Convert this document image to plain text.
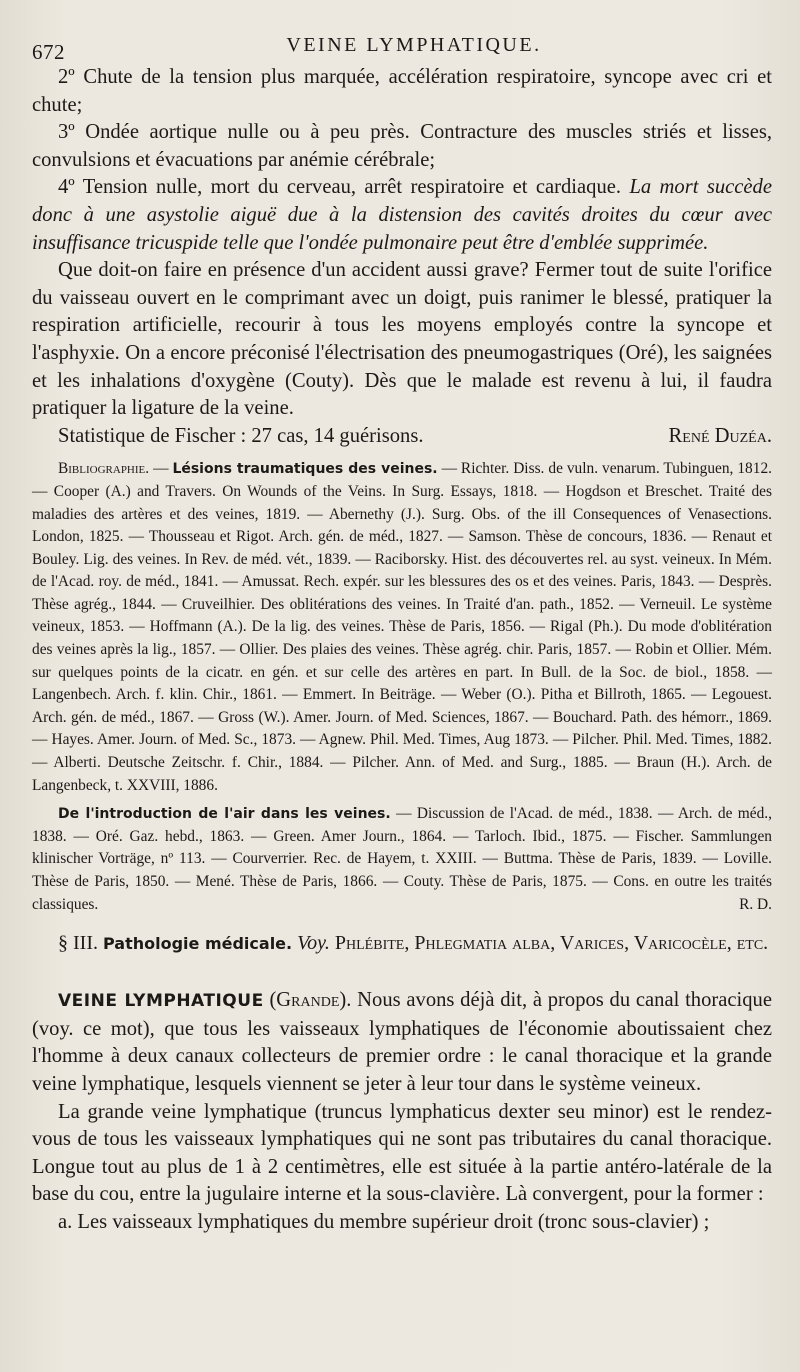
672	VEINE LYMPHATIQUE.

2º Chute de la tension plus marquée, accélération respiratoire, syncope avec cri et chute;

3º Ondée aortique nulle ou à peu près. Contracture des muscles striés et lisses, convulsions et évacuations par anémie cérébrale;

4º Tension nulle, mort du cerveau, arrêt respiratoire et cardiaque. La mort succède donc à une asystolie aiguë due à la distension des cavités droites du cœur avec insuffisance tricuspide telle que l'ondée pulmonaire peut être d'emblée supprimée.

Que doit-on faire en présence d'un accident aussi grave? Fermer tout de suite l'orifice du vaisseau ouvert en le comprimant avec un doigt, puis ranimer le blessé, pratiquer la respiration artificielle, recourir à tous les moyens employés contre la syncope et l'asphyxie. On a encore préconisé l'électrisation des pneumogastriques (Oré), les saignées et les inhalations d'oxygène (Couty). Dès que le malade est revenu à lui, il faudra pratiquer la ligature de la veine.

Statistique de Fischer : 27 cas, 14 guérisons.	René Duzéa.

Bibliographie. — Lésions traumatiques des veines. — Richter. Diss. de vuln. venarum. Tubinguen, 1812. — Cooper (A.) and Travers. On Wounds of the Veins. In Surg. Essays, 1818. — Hogdson et Breschet. Traité des maladies des artères et des veines, 1819. — Abernethy (J.). Surg. Obs. of the ill Consequences of Venasections. London, 1825. — Thousseau et Rigot. Arch. gén. de méd., 1827. — Samson. Thèse de concours, 1836. — Renaut et Bouley. Lig. des veines. In Rev. de méd. vét., 1839. — Raciborsky. Hist. des découvertes rel. au syst. veineux. In Mém. de l'Acad. roy. de méd., 1841. — Amussat. Rech. expér. sur les blessures des os et des veines. Paris, 1843. — Desprès. Thèse agrég., 1844. — Cruveilhier. Des oblitérations des veines. In Traité d'an. path., 1852. — Verneuil. Le système veineux, 1853. — Hoffmann (A.). De la lig. des veines. Thèse de Paris, 1856. — Rigal (Ph.). Du mode d'oblitération des veines après la lig., 1857. — Ollier. Des plaies des veines. Thèse agrég. chir. Paris, 1857. — Robin et Ollier. Mém. sur quelques points de la cicatr. en gén. et sur celle des artères en part. In Bull. de la Soc. de biol., 1858. — Langenbech. Arch. f. klin. Chir., 1861. — Emmert. In Beiträge. — Weber (O.). Pitha et Billroth, 1865. — Legouest. Arch. gén. de méd., 1867. — Gross (W.). Amer. Journ. of Med. Sciences, 1867. — Bouchard. Path. des hémorr., 1869. — Hayes. Amer. Journ. of Med. Sc., 1873. — Agnew. Phil. Med. Times, Aug 1873. — Pilcher. Phil. Med. Times, 1882. — Alberti. Deutsche Zeitschr. f. Chir., 1884. — Pilcher. Ann. of Med. and Surg., 1885. — Braun (H.). Arch. de Langenbeck, t. XXVIII, 1886.

De l'introduction de l'air dans les veines. — Discussion de l'Acad. de méd., 1838. — Arch. de méd., 1838. — Oré. Gaz. hebd., 1863. — Green. Amer Journ., 1864. — Tarloch. Ibid., 1875. — Fischer. Sammlungen klinischer Vorträge, nº 113. — Courverrier. Rec. de Hayem, t. XXIII. — Buttma. Thèse de Paris, 1839. — Loville. Thèse de Paris, 1850. — Mené. Thèse de Paris, 1866. — Couty. Thèse de Paris, 1875. — Cons. en outre les traités classiques.	R. D.

§ III. Pathologie médicale. Voy. Phlébite, Phlegmatia alba, Varices, Varicocèle, etc.

VEINE LYMPHATIQUE (Grande). Nous avons déjà dit, à propos du canal thoracique (voy. ce mot), que tous les vaisseaux lymphatiques de l'économie aboutissaient chez l'homme à deux canaux collecteurs de premier ordre : le canal thoracique et la grande veine lymphatique, lesquels viennent se jeter à leur tour dans le système veineux.

La grande veine lymphatique (truncus lymphaticus dexter seu minor) est le rendez-vous de tous les vaisseaux lymphatiques qui ne sont pas tributaires du canal thoracique. Longue tout au plus de 1 à 2 centimètres, elle est située à la partie antéro-latérale de la base du cou, entre la jugulaire interne et la sous-clavière. Là convergent, pour la former :

a. Les vaisseaux lymphatiques du membre supérieur droit (tronc sous-clavier) ;
